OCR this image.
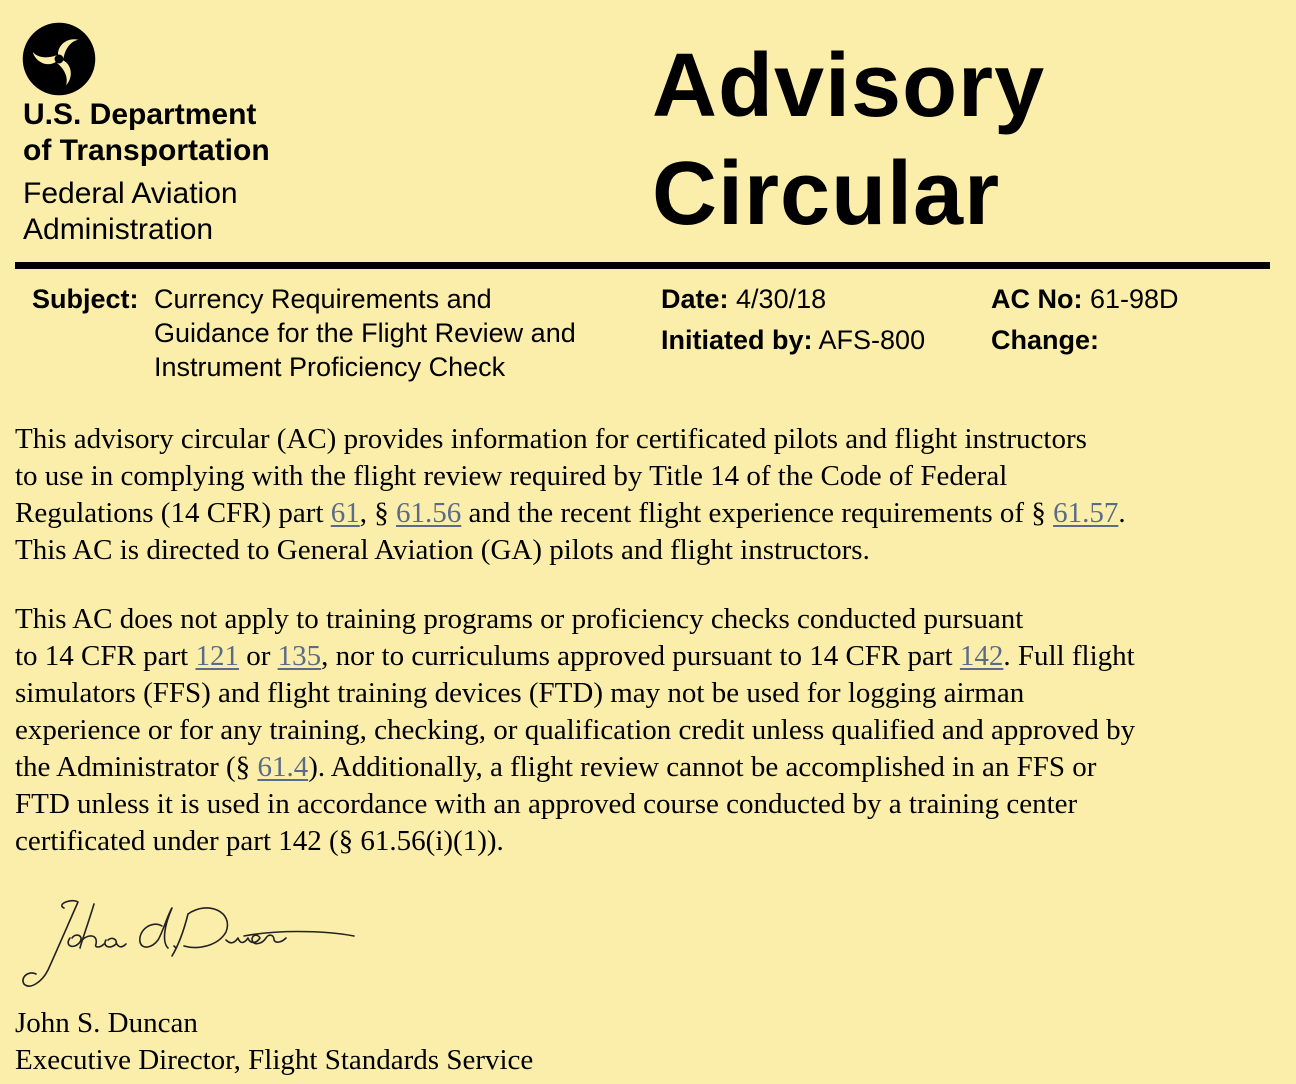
U.S. Department
of Transportation
Federal Aviation
Administration
Advisory
Circular
Subject: Currency Requirements and
Guidance for the Flight Review and
Instrument Proficiency Check
Date: 4/30/18
Initiated by: AFS-800
AC No: 61-98D
Change:
This advisory circular (AC) provides information for certificated pilots and flight instructors
to use in complying with the flight review required by Title 14 of the Code of Federal
Regulations (14 CFR) part 61, § 61.56 and the recent flight experience requirements of § 61.57.
This AC is directed to General Aviation (GA) pilots and flight instructors.
This AC does not apply to training programs or proficiency checks conducted pursuant
to 14 CFR part 121 or 135, nor to curriculums approved pursuant to 14 CFR part 142. Full flight
simulators (FFS) and flight training devices (FTD) may not be used for logging airman
experience or for any training, checking, or qualification credit unless qualified and approved by
the Administrator (§ 61.4). Additionally, a flight review cannot be accomplished in an FFS or
FTD unless it is used in accordance with an approved course conducted by a training center
certificated under part 142 (§ 61.56(i)(1)).
John S. Duncan
Executive Director, Flight Standards Service
